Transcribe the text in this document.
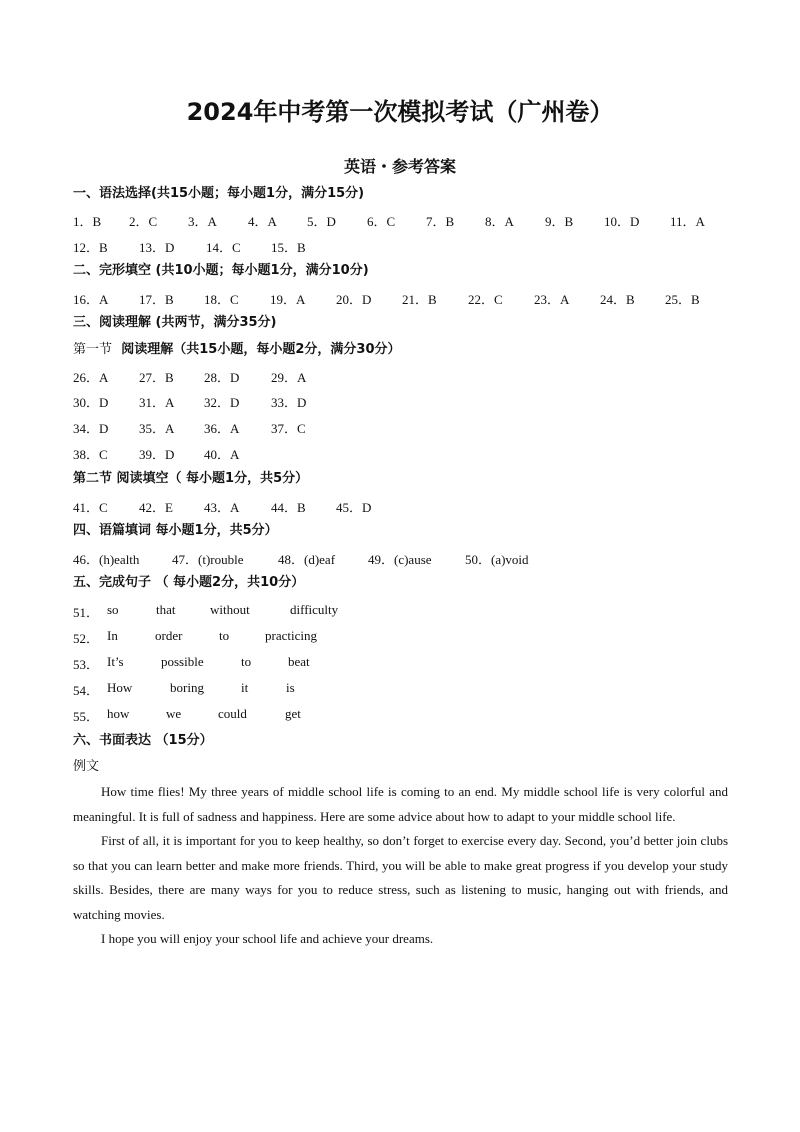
2024年中考第一次模拟考试（广州卷）
英语・参考答案
一、语法选择(共15小题；每小题1分，满分15分)
1．B 2．C 3．A 4．A 5．D 6．C 7．B 8．A 9．B 10．D 11．A
12．B 13．D 14．C 15．B
二、完形填空 (共10小题；每小题1分，满分10分)
16．A 17．B 18．C 19．A 20．D 21．B 22．C 23．A 24．B 25．B
三、阅读理解 (共两节，满分35分)
第一节 阅读理解（共15小题，每小题2分，满分30分）
26．A 27．B 28．D 29．A
30．D 31．A 32．D 33．D
34．D 35．A 36．A 37．C
38．C 39．D 40．A
第二节 阅读填空（ 每小题1分，共5分）
41．C 42．E 43．A 44．B 45．D
四、语篇填词 每小题1分，共5分）
46．(h)ealth	47．(t)rouble	48．(d)eaf	49．(c)ause	50．(a)void
五、完成句子 （ 每小题2分，共10分）
51． so	that	without	difficulty
52． In	order	to	practicing
53． It’s	possible	to	beat
54． How	boring	it	is
55． how	we	could	get
六、书面表达 （15分）
例文

How time flies! My three years of middle school life is coming to an end. My middle school life is very colorful and meaningful. It is full of sadness and happiness. Here are some advice about how to adapt to your middle school life.

First of all, it is important for you to keep healthy, so don’t forget to exercise every day. Second, you’d better join clubs so that you can learn better and make more friends. Third, you will be able to make great progress if you develop your study skills. Besides, there are many ways for you to reduce stress, such as listening to music, hanging out with friends, and watching movies.

I hope you will enjoy your school life and achieve your dreams.
